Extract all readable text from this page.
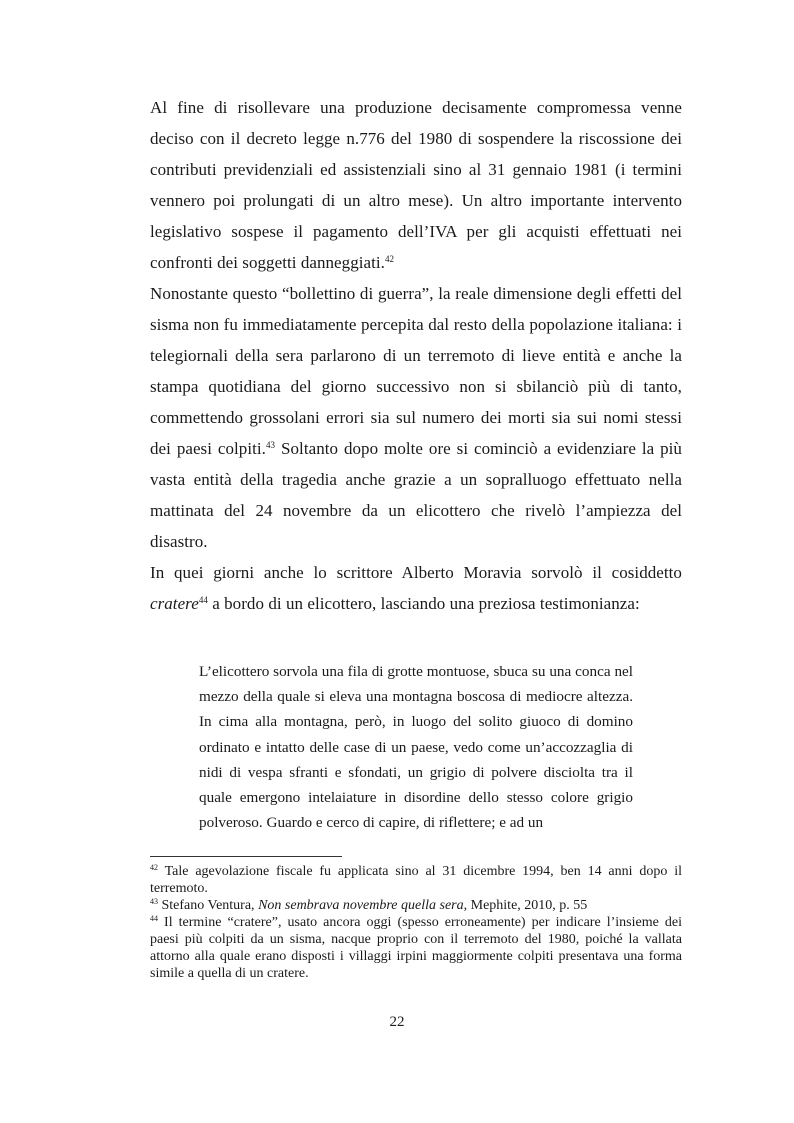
Al fine di risollevare una produzione decisamente compromessa venne deciso con il decreto legge n.776 del 1980 di sospendere la riscossione dei contributi previdenziali ed assistenziali sino al 31 gennaio 1981 (i termini vennero poi prolungati di un altro mese). Un altro importante intervento legislativo sospese il pagamento dell’IVA per gli acquisti effettuati nei confronti dei soggetti danneggiati.$^{42}$

Nonostante questo “bollettino di guerra”, la reale dimensione degli effetti del sisma non fu immediatamente percepita dal resto della popolazione italiana: i telegiornali della sera parlarono di un terremoto di lieve entità e anche la stampa quotidiana del giorno successivo non si sbilanciò più di tanto, commettendo grossolani errori sia sul numero dei morti sia sui nomi stessi dei paesi colpiti.$^{43}$ Soltanto dopo molte ore si cominciò a evidenziare la più vasta entità della tragedia anche grazie a un sopralluogo effettuato nella mattinata del 24 novembre da un elicottero che rivelò l’ampiezza del disastro.

In quei giorni anche lo scrittore Alberto Moravia sorvolò il cosiddetto cratere$^{44}$ a bordo di un elicottero, lasciando una preziosa testimonianza:

L’elicottero sorvola una fila di grotte montuose, sbuca su una conca nel mezzo della quale si eleva una montagna boscosa di mediocre altezza. In cima alla montagna, però, in luogo del solito giuoco di domino ordinato e intatto delle case di un paese, vedo come un’accozzaglia di nidi di vespa sfranti e sfondati, un grigio di polvere disciolta tra il quale emergono intelaiature in disordine dello stesso colore grigio polveroso. Guardo e cerco di capire, di riflettere; e ad un

$^{42}$ Tale agevolazione fiscale fu applicata sino al 31 dicembre 1994, ben 14 anni dopo il terremoto.

$^{43}$ Stefano Ventura, Non sembrava novembre quella sera, Mephite, 2010, p. 55

$^{44}$ Il termine “cratere”, usato ancora oggi (spesso erroneamente) per indicare l’insieme dei paesi più colpiti da un sisma, nacque proprio con il terremoto del 1980, poiché la vallata attorno alla quale erano disposti i villaggi irpini maggiormente colpiti presentava una forma simile a quella di un cratere.

22
